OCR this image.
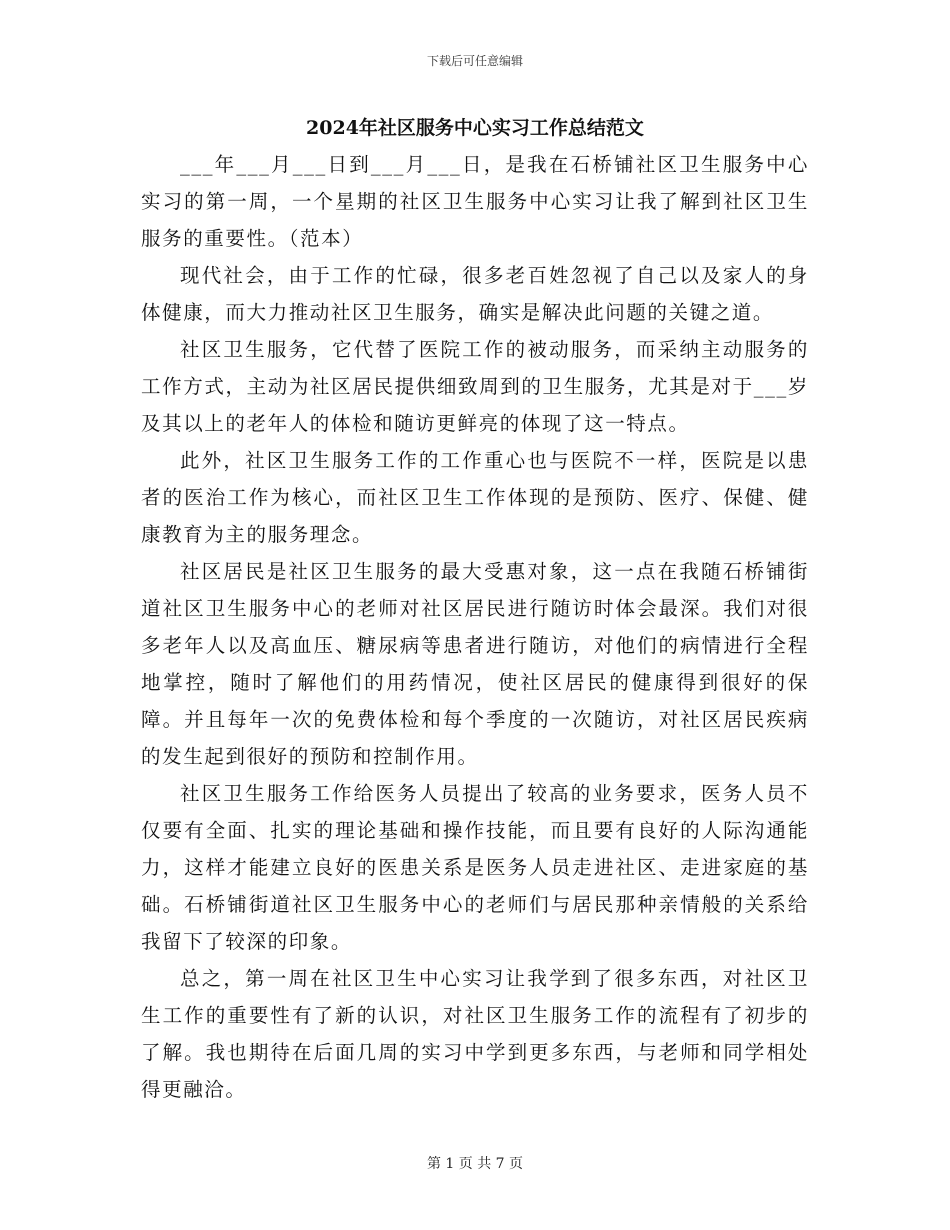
下载后可任意编辑
2024年社区服务中心实习工作总结范文

___年___月___日到___月___日，是我在石桥铺社区卫生服务中心实习的第一周，一个星期的社区卫生服务中心实习让我了解到社区卫生服务的重要性。（范本）

现代社会，由于工作的忙碌，很多老百姓忽视了自己以及家人的身体健康，而大力推动社区卫生服务，确实是解决此问题的关键之道。

社区卫生服务，它代替了医院工作的被动服务，而采纳主动服务的工作方式，主动为社区居民提供细致周到的卫生服务，尤其是对于___岁及其以上的老年人的体检和随访更鲜亮的体现了这一特点。

此外，社区卫生服务工作的工作重心也与医院不一样，医院是以患者的医治工作为核心，而社区卫生工作体现的是预防、医疗、保健、健康教育为主的服务理念。

社区居民是社区卫生服务的最大受惠对象，这一点在我随石桥铺街道社区卫生服务中心的老师对社区居民进行随访时体会最深。我们对很多老年人以及高血压、糖尿病等患者进行随访，对他们的病情进行全程地掌控，随时了解他们的用药情况，使社区居民的健康得到很好的保障。并且每年一次的免费体检和每个季度的一次随访，对社区居民疾病的发生起到很好的预防和控制作用。

社区卫生服务工作给医务人员提出了较高的业务要求，医务人员不仅要有全面、扎实的理论基础和操作技能，而且要有良好的人际沟通能力，这样才能建立良好的医患关系是医务人员走进社区、走进家庭的基础。石桥铺街道社区卫生服务中心的老师们与居民那种亲情般的关系给我留下了较深的印象。

总之，第一周在社区卫生中心实习让我学到了很多东西，对社区卫生工作的重要性有了新的认识，对社区卫生服务工作的流程有了初步的了解。我也期待在后面几周的实习中学到更多东西，与老师和同学相处得更融洽。

第 1 页 共 7 页
